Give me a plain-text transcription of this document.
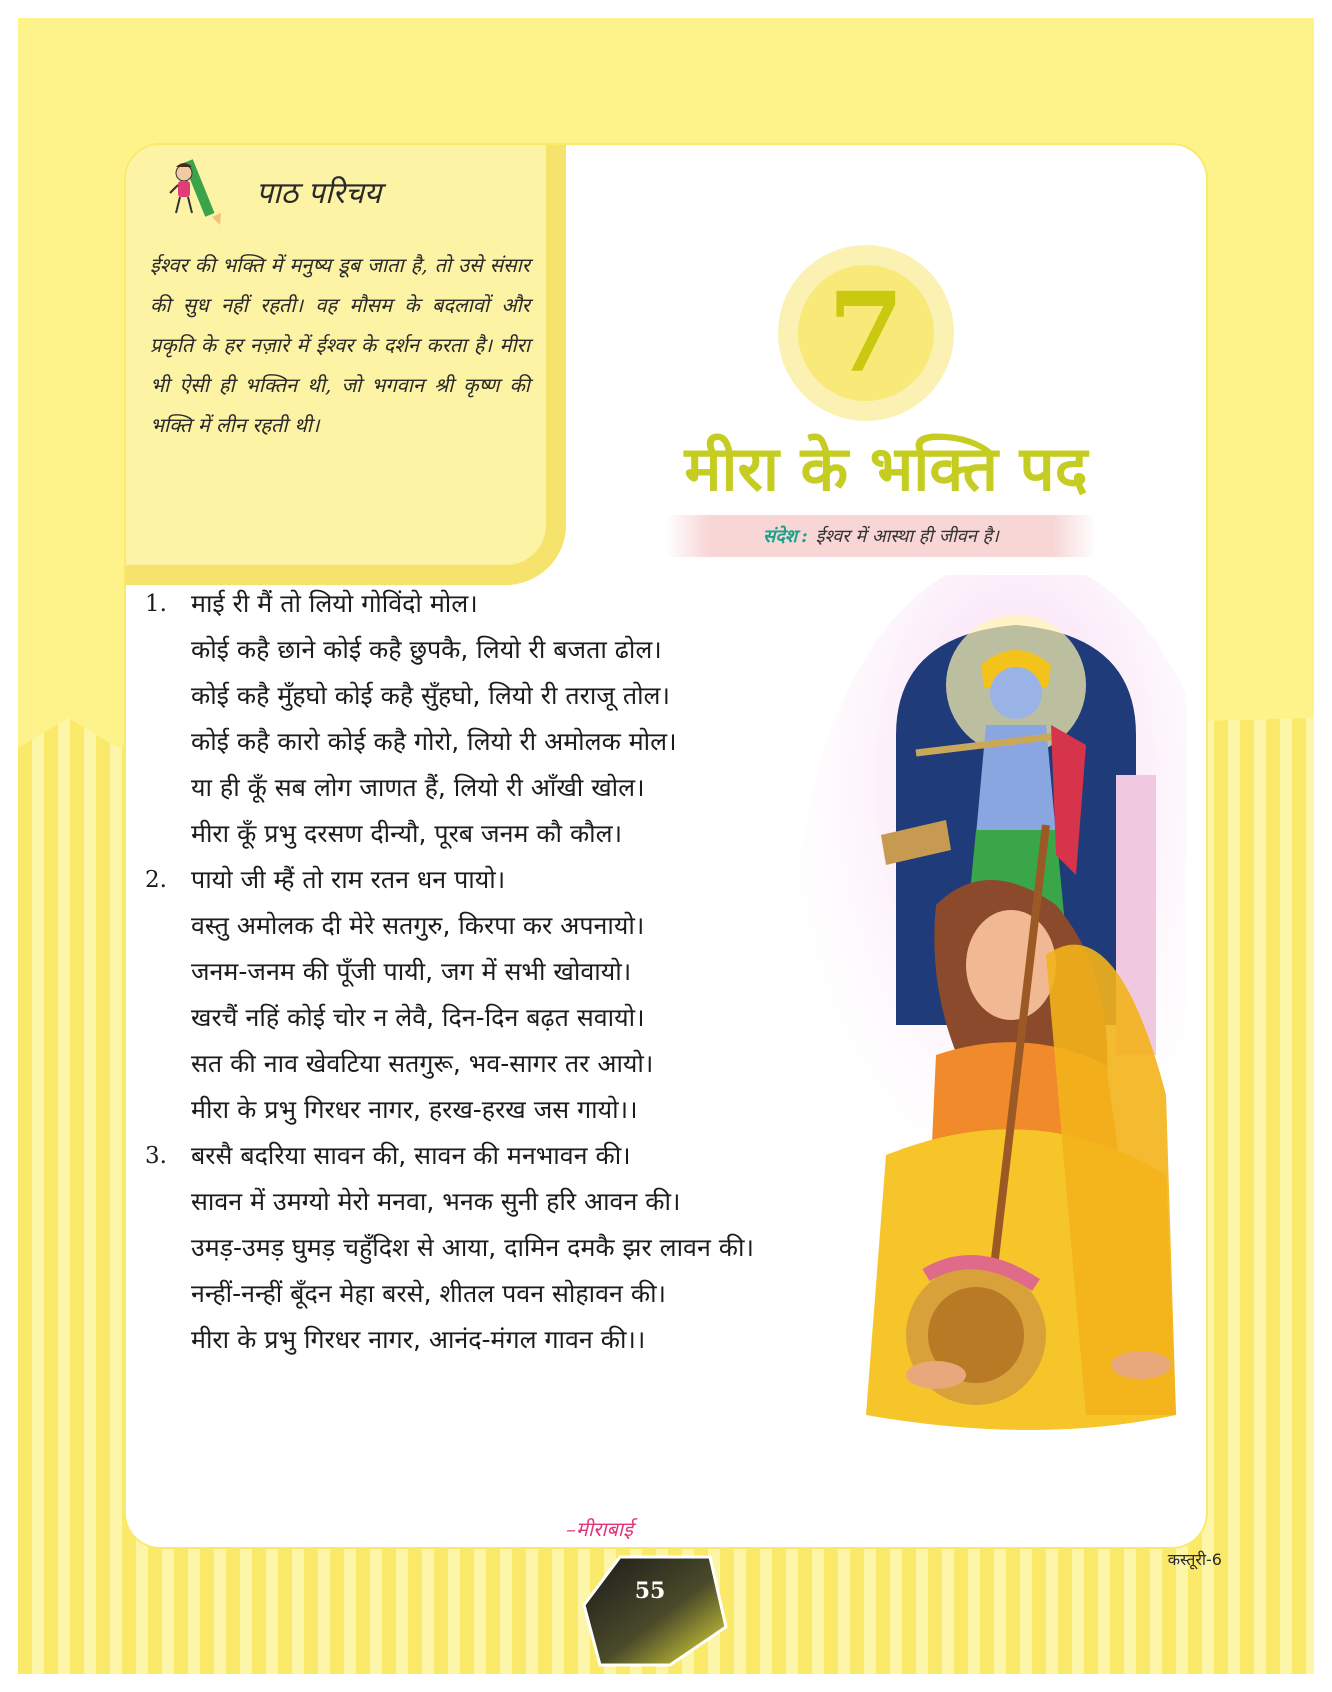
पाठ परिचय

ईश्वर की भक्ति में मनुष्य डूब जाता है, तो उसे संसार की सुध नहीं रहती। वह मौसम के बदलावों और प्रकृति के हर नज़ारे में ईश्वर के दर्शन करता है। मीरा भी ऐसी ही भक्तिन थी, जो भगवान श्री कृष्ण की भक्ति में लीन रहती थी।

7
मीरा के भक्ति पद
संदेश : ईश्वर में आस्था ही जीवन है।
1. माई री मैं तो लियो गोविंदो मोल।
कोई कहै छाने कोई कहै छुपकै, लियो री बजता ढोल।
कोई कहै मुँहघो कोई कहै सुँहघो, लियो री तराजू तोल।
कोई कहै कारो कोई कहै गोरो, लियो री अमोलक मोल।
या ही कूँ सब लोग जाणत हैं, लियो री आँखी खोल।
मीरा कूँ प्रभु दरसण दीन्यौ, पूरब जनम कौ कौल।
2. पायो जी म्हैं तो राम रतन धन पायो।
वस्तु अमोलक दी मेरे सतगुरु, किरपा कर अपनायो।
जनम-जनम की पूँजी पायी, जग में सभी खोवायो।
खरचैं नहिं कोई चोर न लेवै, दिन-दिन बढ़त सवायो।
सत की नाव खेवटिया सतगुरू, भव-सागर तर आयो।
मीरा के प्रभु गिरधर नागर, हरख-हरख जस गायो।।
3. बरसै बदरिया सावन की, सावन की मनभावन की।
सावन में उमग्यो मेरो मनवा, भनक सुनी हरि आवन की।
उमड़-उमड़ घुमड़ चहुँदिश से आया, दामिन दमकै झर लावन की।
नन्हीं-नन्हीं बूँदन मेहा बरसे, शीतल पवन सोहावन की।
मीरा के प्रभु गिरधर नागर, आनंद-मंगल गावन की।।
–मीराबाई
कस्तूरी-6
55
